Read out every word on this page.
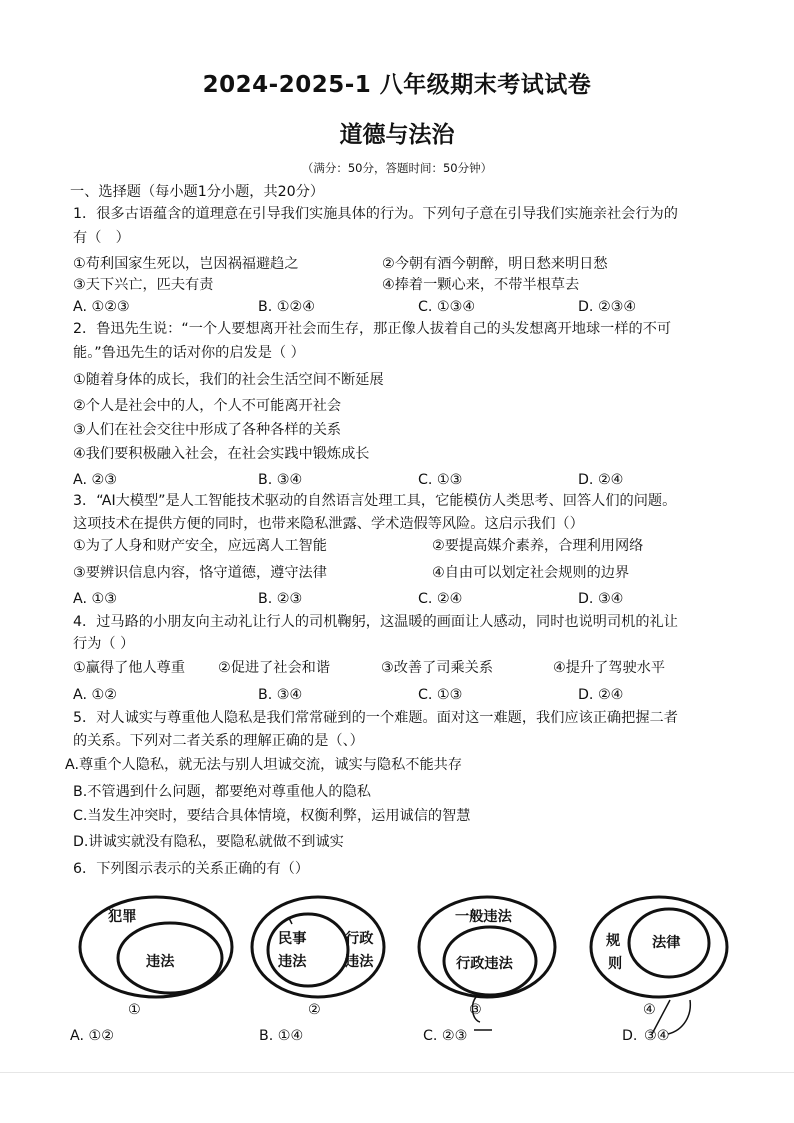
2024-2025-1 八年级期末考试试卷
道德与法治
（满分：50分，答题时间：50分钟）
一、选择题（每小题1分小题，共20分）
1．很多古语蕴含的道理意在引导我们实施具体的行为。下列句子意在引导我们实施亲社会行为的
有（　）
①苟利国家生死以，岂因祸福避趋之	②今朝有酒今朝醉，明日愁来明日愁
③天下兴亡，匹夫有责	④捧着一颗心来，不带半根草去
A. ①②③	B. ①②④	C. ①③④	D. ②③④
2．鲁迅先生说：“一个人要想离开社会而生存，那正像人拔着自己的头发想离开地球一样的不可
能。”鲁迅先生的话对你的启发是（ ）
①随着身体的成长，我们的社会生活空间不断延展
②个人是社会中的人，个人不可能离开社会
③人们在社会交往中形成了各种各样的关系
④我们要积极融入社会，在社会实践中锻炼成长
A. ②③	B. ③④	C. ①③	D. ②④
3．“AI大模型”是人工智能技术驱动的自然语言处理工具，它能模仿人类思考、回答人们的问题。
这项技术在提供方便的同时，也带来隐私泄露、学术造假等风险。这启示我们（）
①为了人身和财产安全，应远离人工智能	②要提高媒介素养，合理利用网络
③要辨识信息内容，恪守道德，遵守法律	④自由可以划定社会规则的边界
A. ①③	B. ②③	C. ②④	D. ③④
4．过马路的小朋友向主动礼让行人的司机鞠躬，这温暖的画面让人感动，同时也说明司机的礼让
行为（ ）
①赢得了他人尊重 ②促进了社会和谐	③改善了司乘关系	④提升了驾驶水平
A. ①②	B. ③④	C. ①③	D. ②④
5．对人诚实与尊重他人隐私是我们常常碰到的一个难题。面对这一难题，我们应该正确把握二者
的关系。下列对二者关系的理解正确的是（、）
A.尊重个人隐私，就无法与别人坦诚交流，诚实与隐私不能共存
B.不管遇到什么问题，都要绝对尊重他人的隐私
C.当发生冲突时，要结合具体情境，权衡利弊，运用诚信的智慧
D.讲诚实就没有隐私，要隐私就做不到诚实
6．下列图示表示的关系正确的有（）
犯罪
违法
①
民事
违法
行政
违法
②
一般违法
行政违法
③
规
则
法律
④
A. ①②	B. ①④	C. ②③	D. ③④
